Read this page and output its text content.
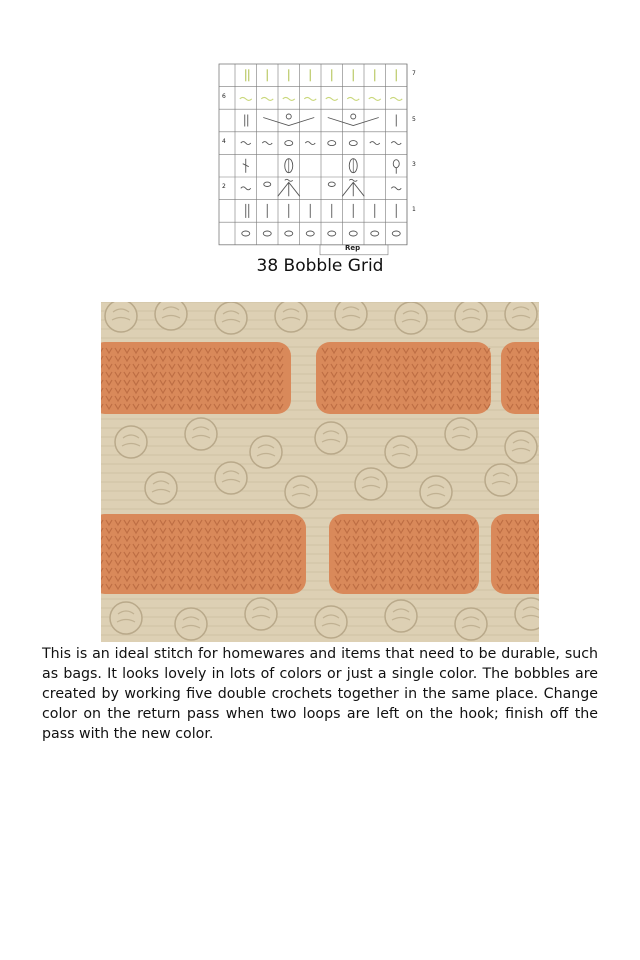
7
5
3
1
6
4
2
Rep
38 Bobble Grid

This is an ideal stitch for homewares and items that need to be durable, such as bags. It looks lovely in lots of colors or just a single color. The bobbles are created by working five double crochets together in the same place. Change color on the return pass when two loops are left on the hook; finish off the pass with the new color.
